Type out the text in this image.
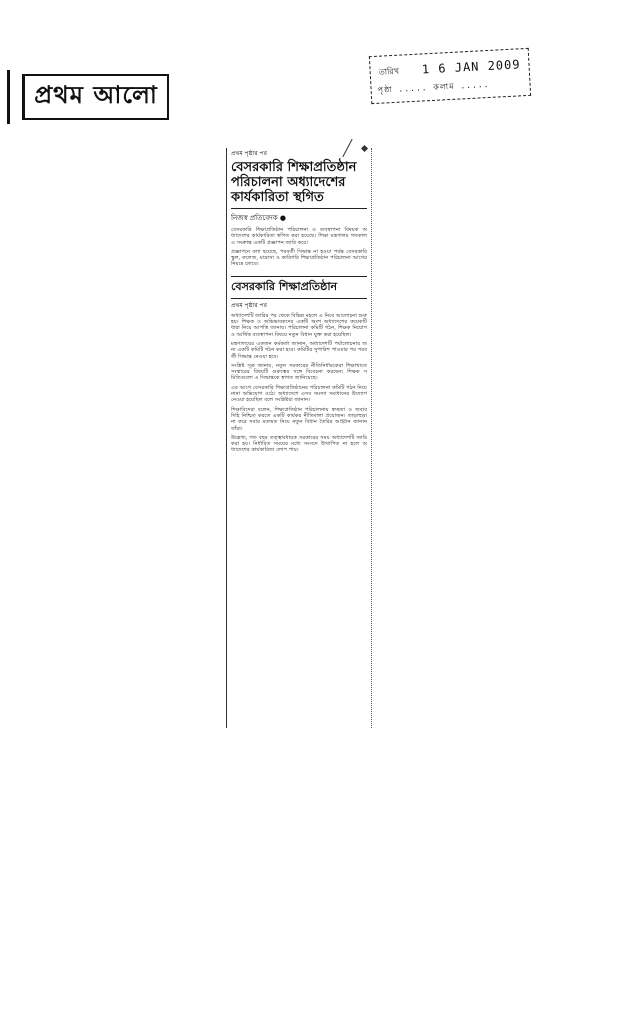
প্রথম আলো
তারিখ 1 6 JAN 2009
পৃষ্ঠা ..... কলাম .....
প্রথম পৃষ্ঠার পর
বেসরকারি শিক্ষাপ্রতিষ্ঠান পরিচালনা অধ্যাদেশের কার্যকারিতা স্থগিত
নিজস্ব প্রতিবেদক ●

বেসরকারি শিক্ষাপ্রতিষ্ঠান পরিচালনা ও ব্যবস্থাপনা বিষয়ক অধ্যাদেশের কার্যকারিতা স্থগিত করা হয়েছে। শিক্ষা মন্ত্রণালয় গতকাল এ সংক্রান্ত একটি প্রজ্ঞাপন জারি করে।

প্রজ্ঞাপনে বলা হয়েছে, পরবর্তী সিদ্ধান্ত না হওয়া পর্যন্ত বেসরকারি স্কুল, কলেজ, মাদ্রাসা ও কারিগরি শিক্ষাপ্রতিষ্ঠান পরিচালনা আগের নিয়মে চলবে।

বেসরকারি শিক্ষাপ্রতিষ্ঠান
প্রথম পৃষ্ঠার পর

অধ্যাদেশটি জারির পর থেকে বিভিন্ন মহলে এ নিয়ে আলোচনা শুরু হয়। শিক্ষক ও অভিভাবকদের একটি অংশ অধ্যাদেশের কয়েকটি ধারা নিয়ে আপত্তি জানায়। পরিচালনা কমিটি গঠন, শিক্ষক নিয়োগ ও আর্থিক ব্যবস্থাপনা বিষয়ে নতুন বিধান যুক্ত করা হয়েছিল।

মন্ত্রণালয়ের একজন কর্মকর্তা জানান, অধ্যাদেশটি পর্যালোচনার জন্য একটি কমিটি গঠন করা হবে। কমিটির সুপারিশ পাওয়ার পর পরবর্তী সিদ্ধান্ত নেওয়া হবে।

সংশ্লিষ্ট সূত্র জানায়, নতুন সরকারের নীতিনির্ধারকেরা শিক্ষাখাতে সংস্কারের বিষয়টি গুরুত্বের সঙ্গে বিবেচনা করছেন। শিক্ষক সমিতিগুলো এ সিদ্ধান্তকে স্বাগত জানিয়েছে।

এর আগে বেসরকারি শিক্ষাপ্রতিষ্ঠানের পরিচালনা কমিটি গঠন নিয়ে নানা অভিযোগ ওঠে। অধ্যাদেশে এসব সমস্যা সমাধানের উদ্যোগ নেওয়া হয়েছিল বলে সংশ্লিষ্টরা জানান।

শিক্ষাবিদেরা বলেন, শিক্ষাপ্রতিষ্ঠান পরিচালনায় স্বচ্ছতা ও জবাবদিহি নিশ্চিত করতে একটি কার্যকর নীতিমালা প্রয়োজন। তাড়াহুড়া না করে সবার মতামত নিয়ে নতুন বিধান তৈরির আহ্বান জানান তাঁরা।

উল্লেখ্য, গত বছর তত্ত্বাবধায়ক সরকারের সময় অধ্যাদেশটি জারি করা হয়। নির্ধারিত সময়ের মধ্যে সংসদে উত্থাপিত না হলে অধ্যাদেশের কার্যকারিতা লোপ পায়।
